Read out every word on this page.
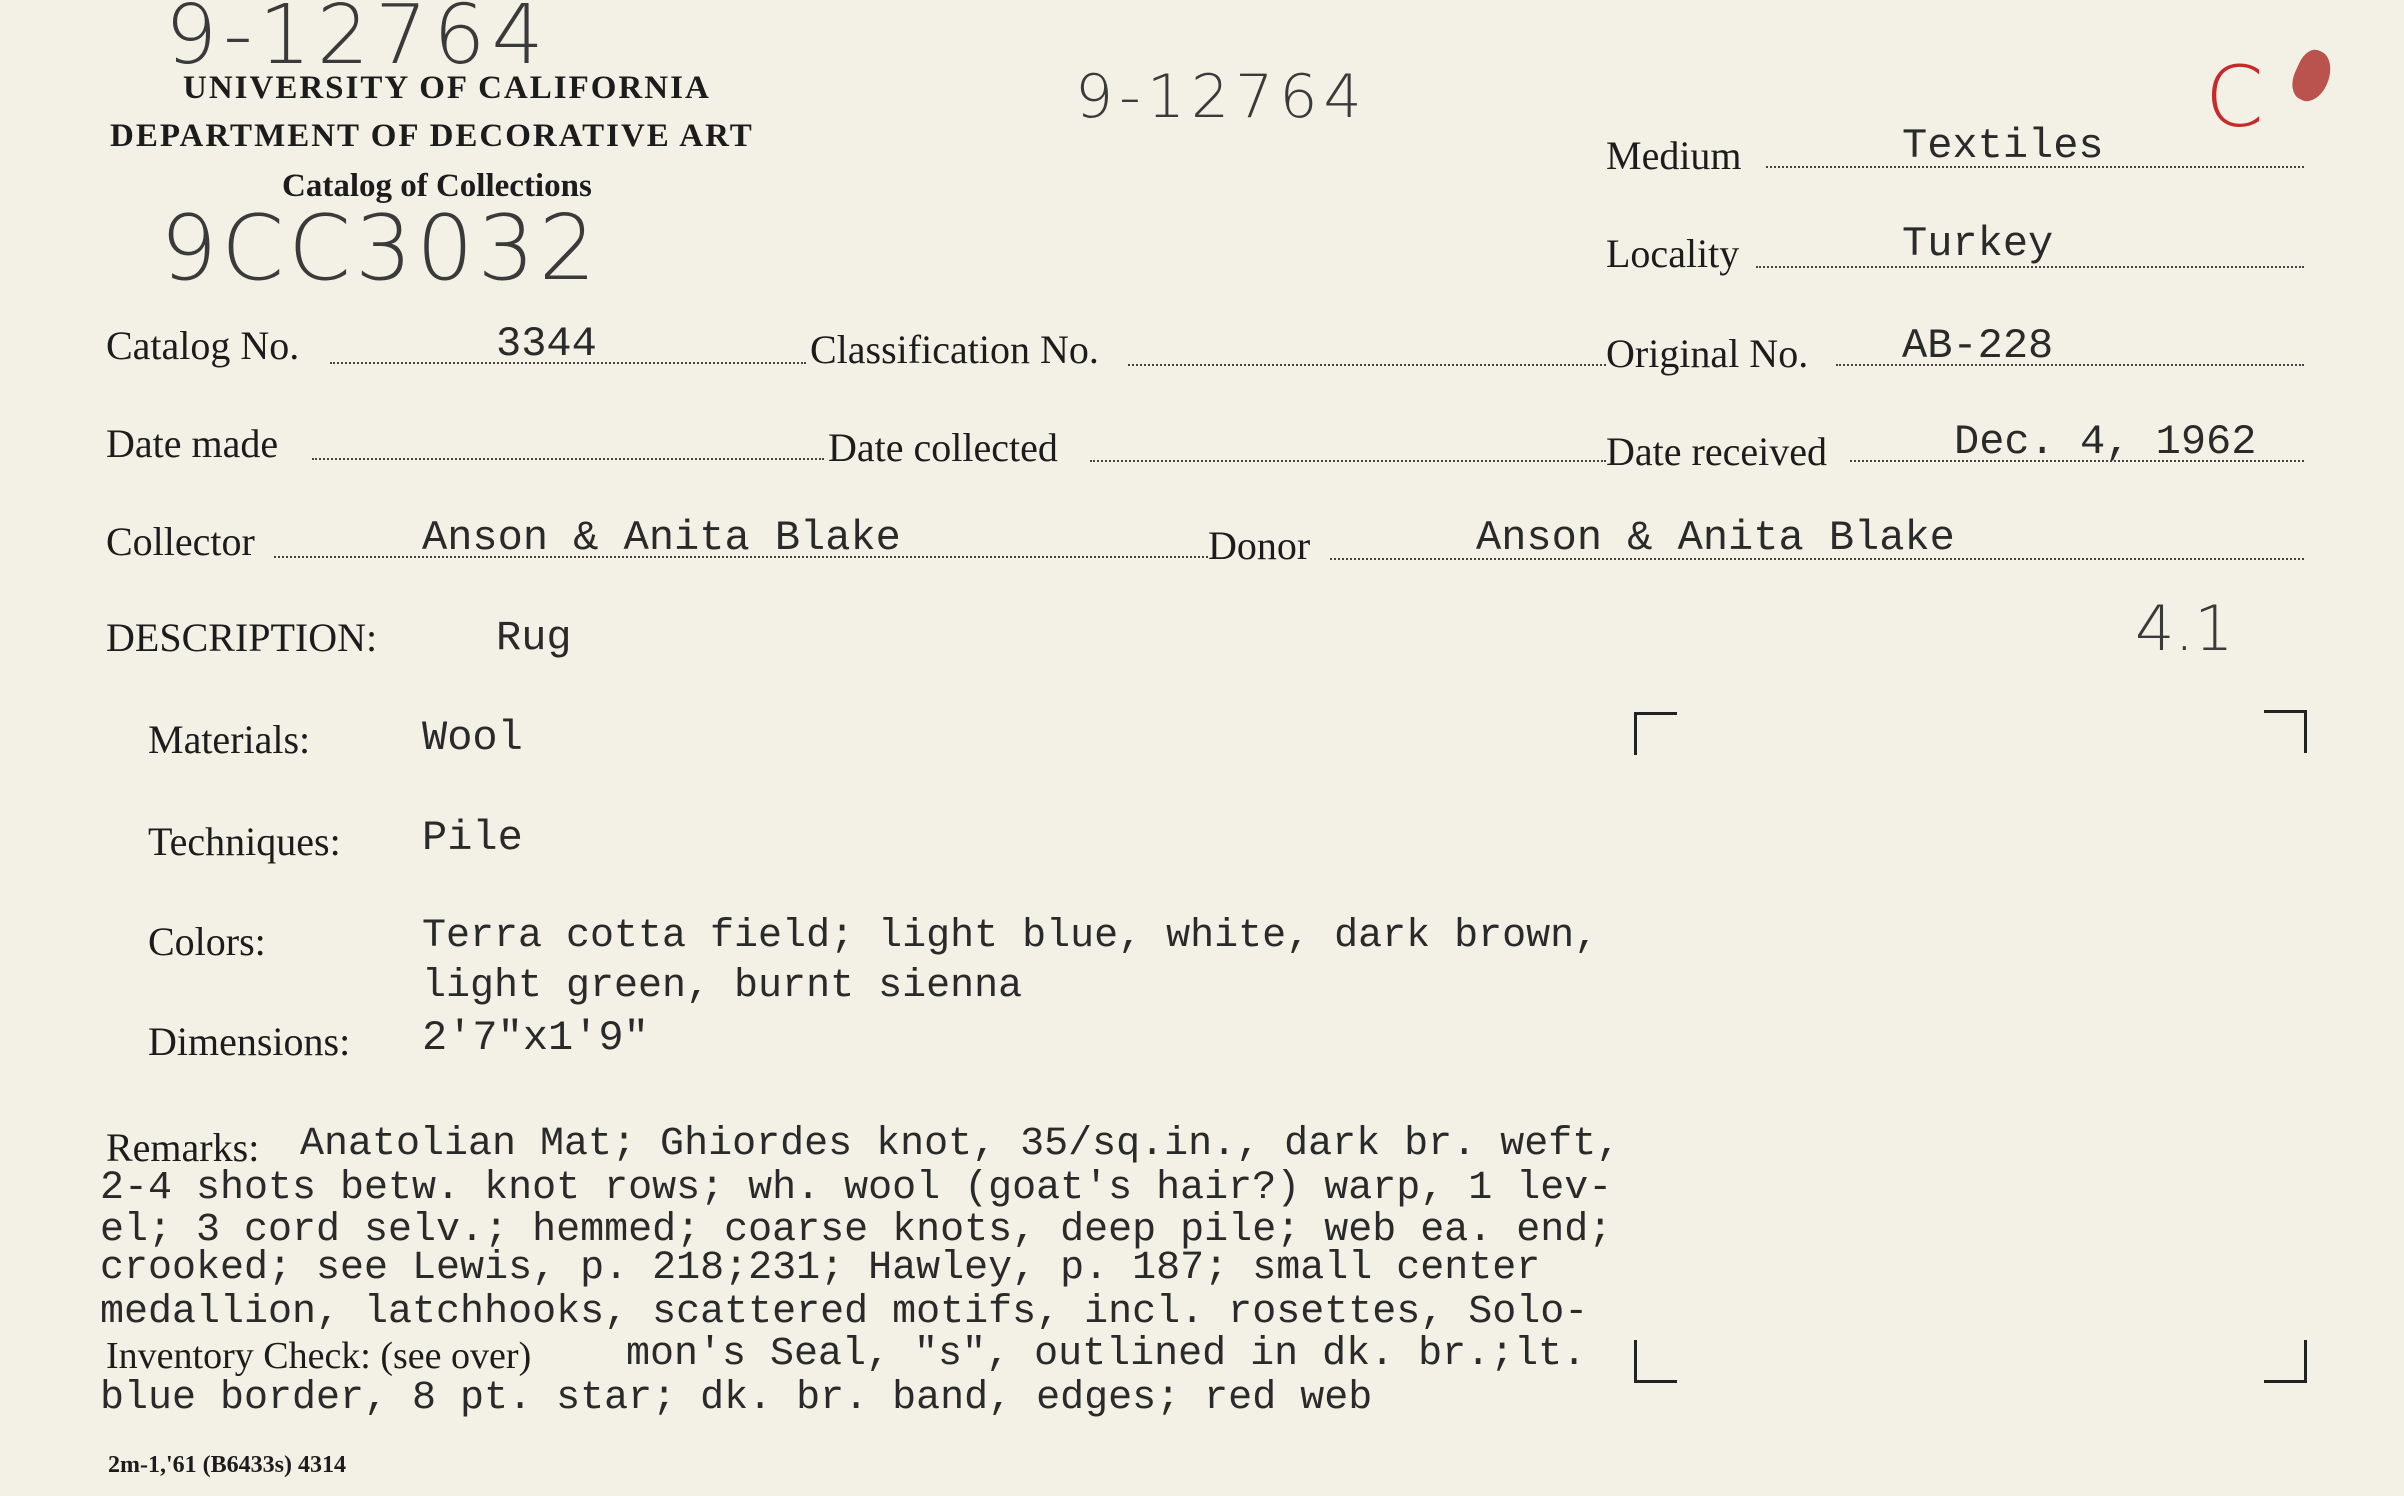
9-12764
9-12764
9CC3032
C
4.1
UNIVERSITY OF CALIFORNIA
DEPARTMENT OF DECORATIVE ART
Catalog of Collections
Medium	Textiles
Locality	Turkey
Catalog No.	3344	Classification No.	Original No. AB-228
Date made	Date collected	Date received	Dec. 4, 1962
Collector	Anson & Anita Blake	Donor	Anson & Anita Blake
DESCRIPTION:	Rug
Materials:	Wool
Techniques: Pile
Colors:	Terra cotta field; light blue, white, dark brown,
light green, burnt sienna
Dimensions: 2'7"x1'9"
Remarks: Anatolian Mat; Ghiordes knot, 35/sq.in., dark br. weft,
2-4 shots betw. knot rows; wh. wool (goat's hair?) warp, 1 lev-
el; 3 cord selv.; hemmed; coarse knots, deep pile; web ea. end;
crooked; see Lewis, p. 218;231; Hawley, p. 187; small center
medallion, latchhooks, scattered motifs, incl. rosettes, Solo-
Inventory Check: (see over) mon's Seal, "s", outlined in dk. br.;lt.
blue border, 8 pt. star; dk. br. band, edges; red web
2m-1,'61 (B6433s) 4314
